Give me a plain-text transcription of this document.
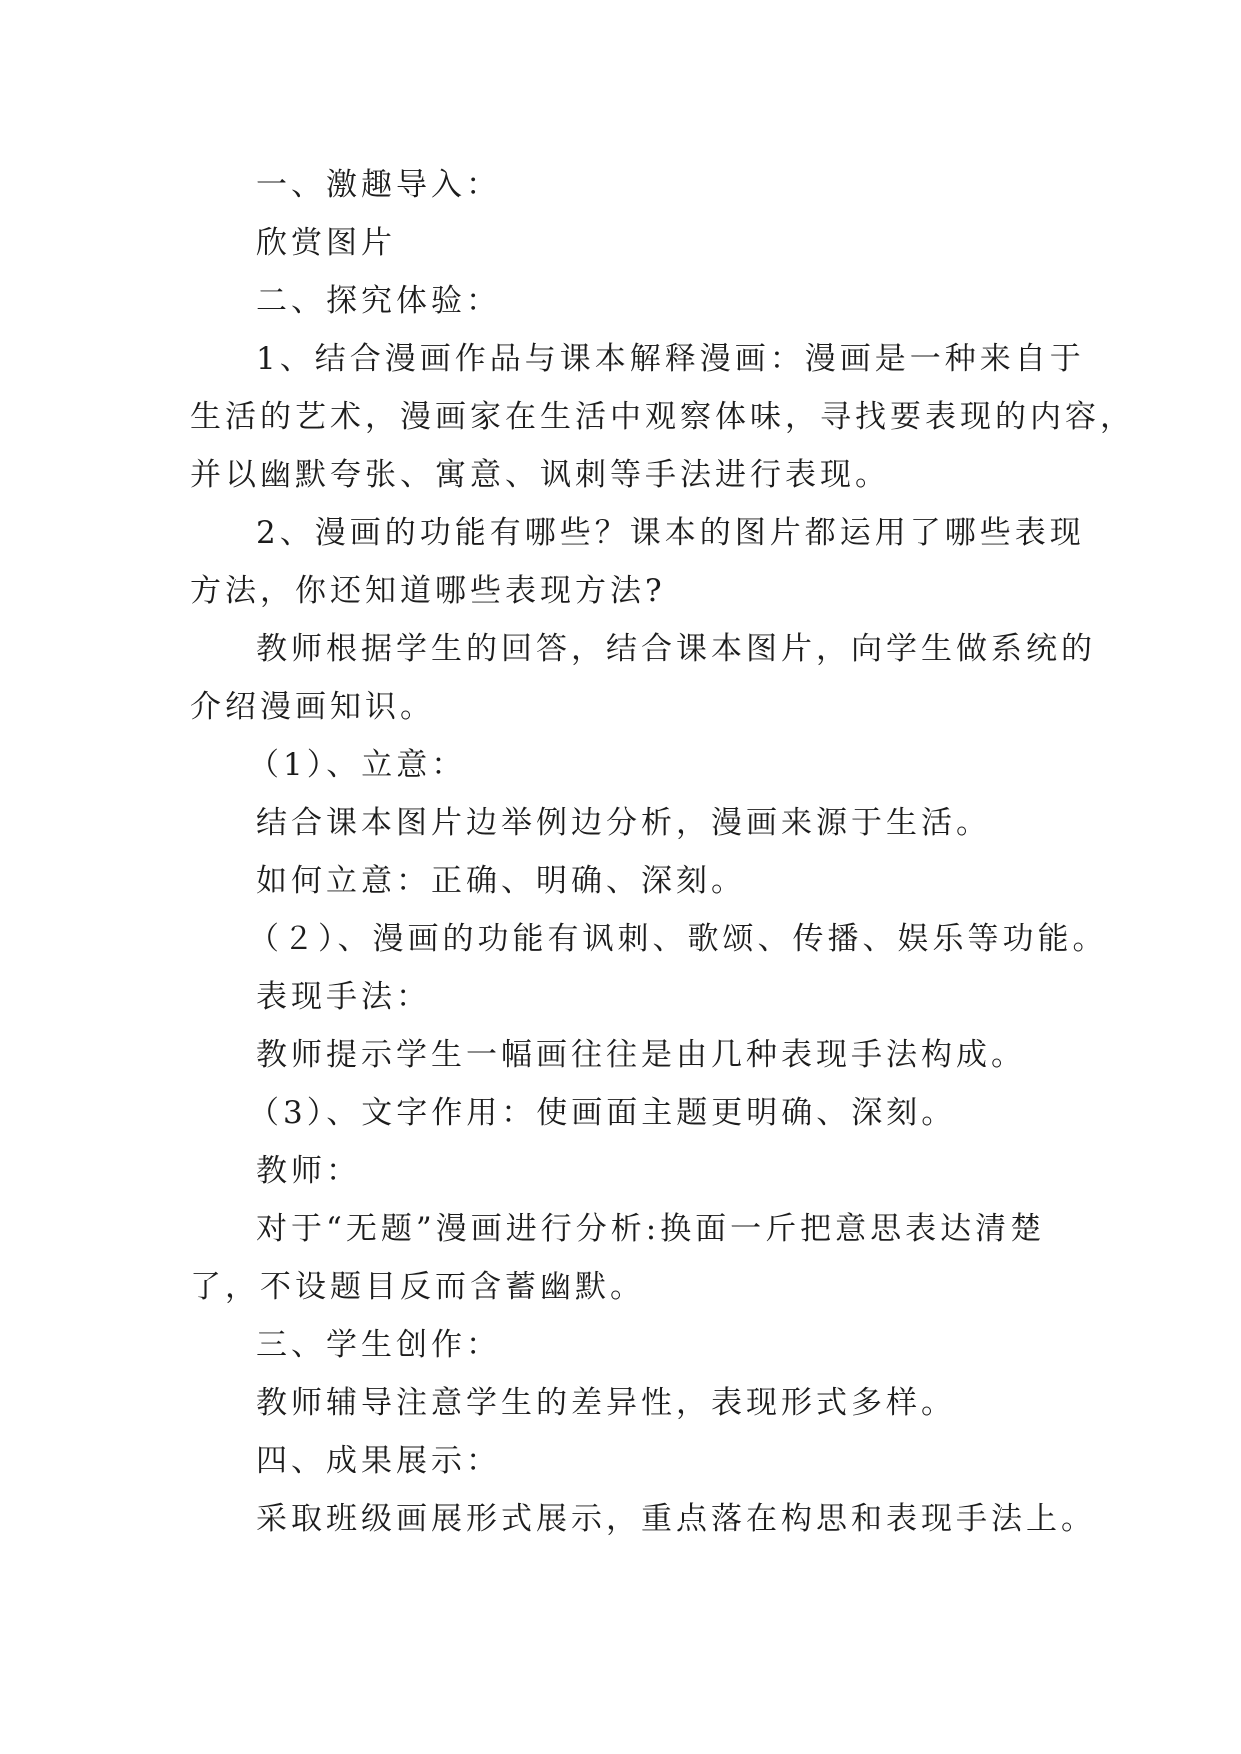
一、激趣导入：

欣赏图片

二、探究体验：

1、结合漫画作品与课本解释漫画：漫画是一种来自于

生活的艺术，漫画家在生活中观察体味，寻找要表现的内容，

并以幽默夸张、寓意、讽刺等手法进行表现。

2、漫画的功能有哪些？课本的图片都运用了哪些表现

方法，你还知道哪些表现方法?

教师根据学生的回答，结合课本图片，向学生做系统的

介绍漫画知识。

（1）、立意：

结合课本图片边举例边分析，漫画来源于生活。

如何立意：正确、明确、深刻。

（２）、漫画的功能有讽刺、歌颂、传播、娱乐等功能。

表现手法：

教师提示学生一幅画往往是由几种表现手法构成。

（3）、文字作用：使画面主题更明确、深刻。

教师：

对于“无题”漫画进行分析:换面一斤把意思表达清楚

了，不设题目反而含蓄幽默。

三、学生创作：

教师辅导注意学生的差异性，表现形式多样。

四、成果展示：

采取班级画展形式展示，重点落在构思和表现手法上。
